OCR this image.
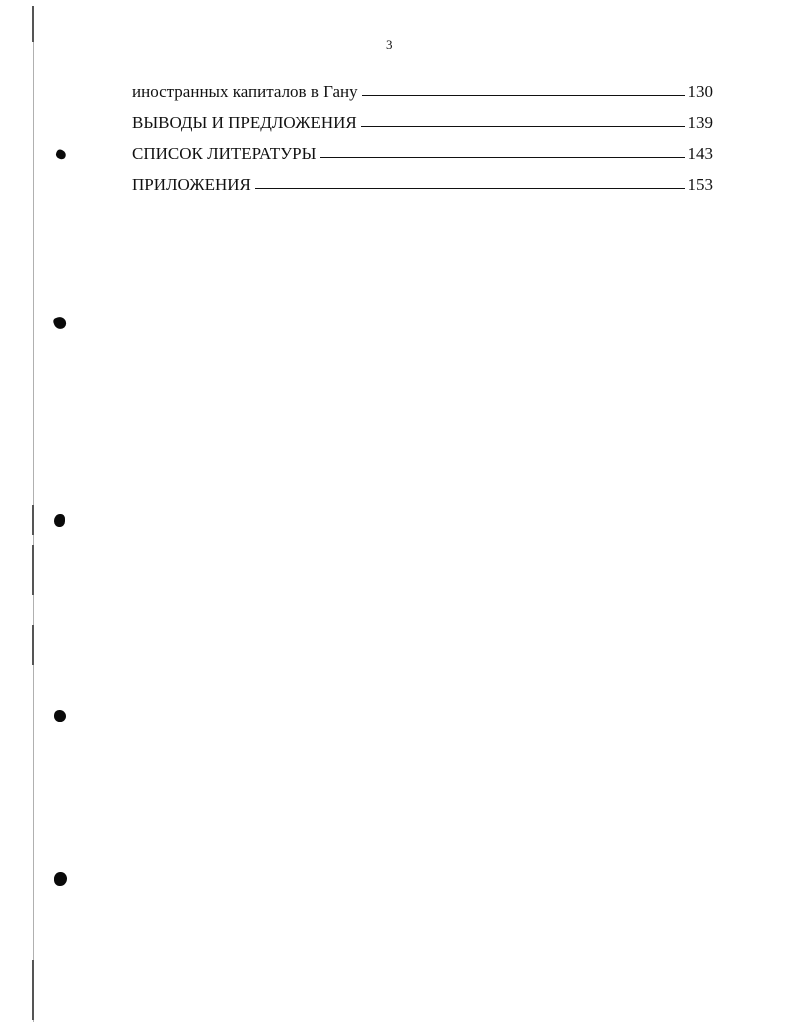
3
иностранных капиталов в Гану	130
ВЫВОДЫ И ПРЕДЛОЖЕНИЯ	139
СПИСОК ЛИТЕРАТУРЫ	143
ПРИЛОЖЕНИЯ	153
